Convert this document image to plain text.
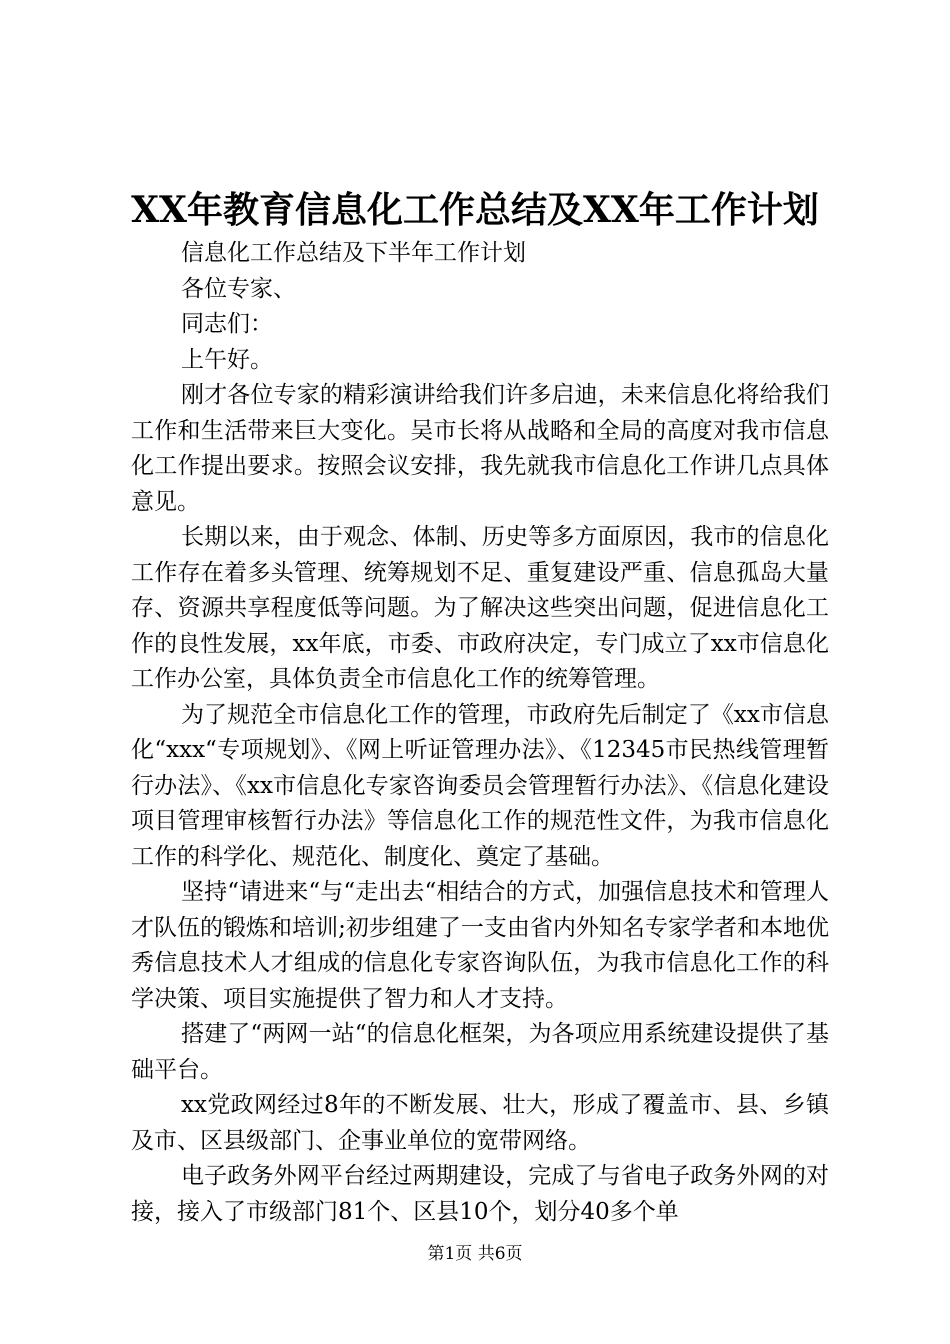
XX年教育信息化工作总结及XX年工作计划

信息化工作总结及下半年工作计划

各位专家、

同志们：

上午好。

刚才各位专家的精彩演讲给我们许多启迪，未来信息化将给我们工作和生活带来巨大变化。吴市长将从战略和全局的高度对我市信息化工作提出要求。按照会议安排，我先就我市信息化工作讲几点具体意见。

长期以来，由于观念、体制、历史等多方面原因，我市的信息化工作存在着多头管理、统筹规划不足、重复建设严重、信息孤岛大量存、资源共享程度低等问题。为了解决这些突出问题，促进信息化工作的良性发展，xx年底，市委、市政府决定，专门成立了xx市信息化工作办公室，具体负责全市信息化工作的统筹管理。

为了规范全市信息化工作的管理，市政府先后制定了《xx市信息化“xxx“专项规划》、《网上听证管理办法》、《12345市民热线管理暂行办法》、《xx市信息化专家咨询委员会管理暂行办法》、《信息化建设项目管理审核暂行办法》等信息化工作的规范性文件，为我市信息化工作的科学化、规范化、制度化、奠定了基础。

坚持“请进来“与“走出去“相结合的方式，加强信息技术和管理人才队伍的锻炼和培训;初步组建了一支由省内外知名专家学者和本地优秀信息技术人才组成的信息化专家咨询队伍，为我市信息化工作的科学决策、项目实施提供了智力和人才支持。

搭建了“两网一站“的信息化框架，为各项应用系统建设提供了基础平台。

xx党政网经过8年的不断发展、壮大，形成了覆盖市、县、乡镇及市、区县级部门、企事业单位的宽带网络。

电子政务外网平台经过两期建设，完成了与省电子政务外网的对接，接入了市级部门81个、区县10个，划分40多个单

第1页 共6页
